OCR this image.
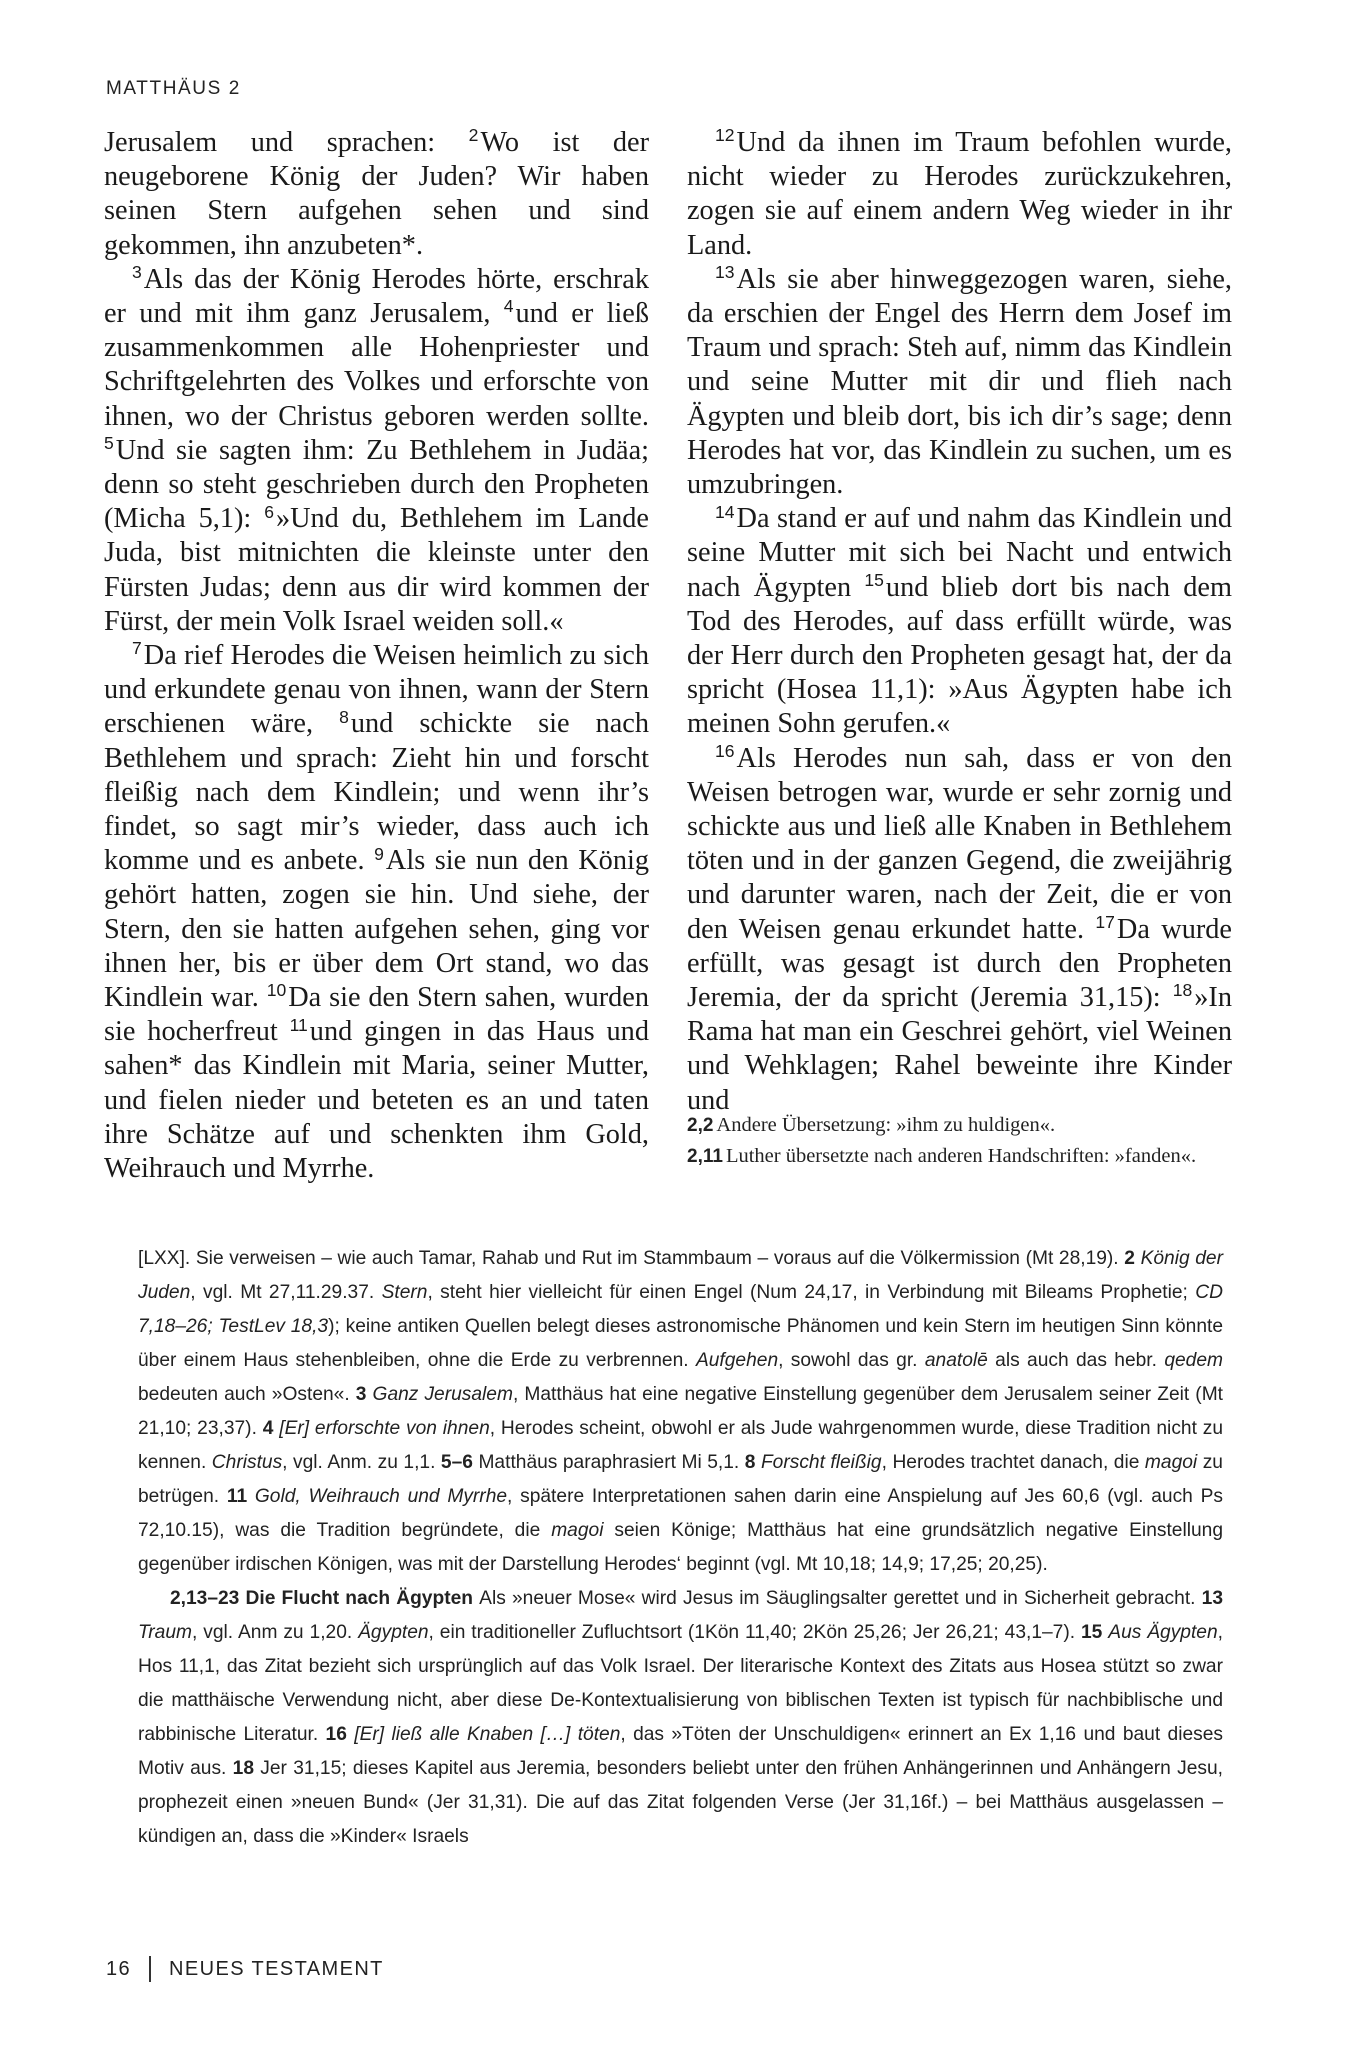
MATTHÄUS 2

Jerusalem und sprachen: $^2$Wo ist der neugeborene König der Juden? Wir haben seinen Stern aufgehen sehen und sind gekommen, ihn anzubeten*.

$^3$Als das der König Herodes hörte, erschrak er und mit ihm ganz Jerusalem, $^4$und er ließ zusammenkommen alle Hohenpriester und Schriftgelehrten des Volkes und erforschte von ihnen, wo der Christus geboren werden sollte. $^5$Und sie sagten ihm: Zu Bethlehem in Judäa; denn so steht geschrieben durch den Propheten (Micha 5,1): $^6$»Und du, Bethlehem im Lande Juda, bist mitnichten die kleinste unter den Fürsten Judas; denn aus dir wird kommen der Fürst, der mein Volk Israel weiden soll.«

$^7$Da rief Herodes die Weisen heimlich zu sich und erkundete genau von ihnen, wann der Stern erschienen wäre, $^8$und schickte sie nach Bethlehem und sprach: Zieht hin und forscht fleißig nach dem Kindlein; und wenn ihr’s findet, so sagt mir’s wieder, dass auch ich komme und es anbete. $^9$Als sie nun den König gehört hatten, zogen sie hin. Und siehe, der Stern, den sie hatten aufgehen sehen, ging vor ihnen her, bis er über dem Ort stand, wo das Kindlein war. $^{10}$Da sie den Stern sahen, wurden sie hocherfreut $^{11}$und gingen in das Haus und sahen* das Kindlein mit Maria, seiner Mutter, und fielen nieder und beteten es an und taten ihre Schätze auf und schenkten ihm Gold, Weihrauch und Myrrhe.

$^{12}$Und da ihnen im Traum befohlen wurde, nicht wieder zu Herodes zurückzukehren, zogen sie auf einem andern Weg wieder in ihr Land.

$^{13}$Als sie aber hinweggezogen waren, siehe, da erschien der Engel des Herrn dem Josef im Traum und sprach: Steh auf, nimm das Kindlein und seine Mutter mit dir und flieh nach Ägypten und bleib dort, bis ich dir’s sage; denn Herodes hat vor, das Kindlein zu suchen, um es umzubringen.

$^{14}$Da stand er auf und nahm das Kindlein und seine Mutter mit sich bei Nacht und entwich nach Ägypten $^{15}$und blieb dort bis nach dem Tod des Herodes, auf dass erfüllt würde, was der Herr durch den Propheten gesagt hat, der da spricht (Hosea 11,1): »Aus Ägypten habe ich meinen Sohn gerufen.«

$^{16}$Als Herodes nun sah, dass er von den Weisen betrogen war, wurde er sehr zornig und schickte aus und ließ alle Knaben in Bethlehem töten und in der ganzen Gegend, die zweijährig und darunter waren, nach der Zeit, die er von den Weisen genau erkundet hatte. $^{17}$Da wurde erfüllt, was gesagt ist durch den Propheten Jeremia, der da spricht (Jeremia 31,15): $^{18}$»In Rama hat man ein Geschrei gehört, viel Weinen und Wehklagen; Rahel beweinte ihre Kinder und

2,2 Andere Übersetzung: »ihm zu huldigen«.

2,11 Luther übersetzte nach anderen Handschriften: »fanden«.

[LXX]. Sie verweisen – wie auch Tamar, Rahab und Rut im Stammbaum – voraus auf die Völkermission (Mt 28,19). 2 König der Juden, vgl. Mt 27,11.29.37. Stern, steht hier vielleicht für einen Engel (Num 24,17, in Verbindung mit Bileams Prophetie; CD 7,18–26; TestLev 18,3); keine antiken Quellen belegt dieses astronomische Phänomen und kein Stern im heutigen Sinn könnte über einem Haus stehenbleiben, ohne die Erde zu verbrennen. Aufgehen, sowohl das gr. anatolē als auch das hebr. qedem bedeuten auch »Osten«. 3 Ganz Jerusalem, Matthäus hat eine negative Einstellung gegenüber dem Jerusalem seiner Zeit (Mt 21,10; 23,37). 4 [Er] erforschte von ihnen, Herodes scheint, obwohl er als Jude wahrgenommen wurde, diese Tradition nicht zu kennen. Christus, vgl. Anm. zu 1,1. 5–6 Matthäus paraphrasiert Mi 5,1. 8 Forscht fleißig, Herodes trachtet danach, die magoi zu betrügen. 11 Gold, Weihrauch und Myrrhe, spätere Interpretationen sahen darin eine Anspielung auf Jes 60,6 (vgl. auch Ps 72,10.15), was die Tradition begründete, die magoi seien Könige; Matthäus hat eine grundsätzlich negative Einstellung gegenüber irdischen Königen, was mit der Darstellung Herodes‘ beginnt (vgl. Mt 10,18; 14,9; 17,25; 20,25).

2,13–23 Die Flucht nach Ägypten Als »neuer Mose« wird Jesus im Säuglingsalter gerettet und in Sicherheit gebracht. 13 Traum, vgl. Anm zu 1,20. Ägypten, ein traditioneller Zufluchtsort (1Kön 11,40; 2Kön 25,26; Jer 26,21; 43,1–7). 15 Aus Ägypten, Hos 11,1, das Zitat bezieht sich ursprünglich auf das Volk Israel. Der literarische Kontext des Zitats aus Hosea stützt so zwar die matthäische Verwendung nicht, aber diese De-Kontextualisierung von biblischen Texten ist typisch für nachbiblische und rabbinische Literatur. 16 [Er] ließ alle Knaben […] töten, das »Töten der Unschuldigen« erinnert an Ex 1,16 und baut dieses Motiv aus. 18 Jer 31,15; dieses Kapitel aus Jeremia, besonders beliebt unter den frühen Anhängerinnen und Anhängern Jesu, prophezeit einen »neuen Bund« (Jer 31,31). Die auf das Zitat folgenden Verse (Jer 31,16f.) – bei Matthäus ausgelassen – kündigen an, dass die »Kinder« Israels

16 NEUES TESTAMENT
